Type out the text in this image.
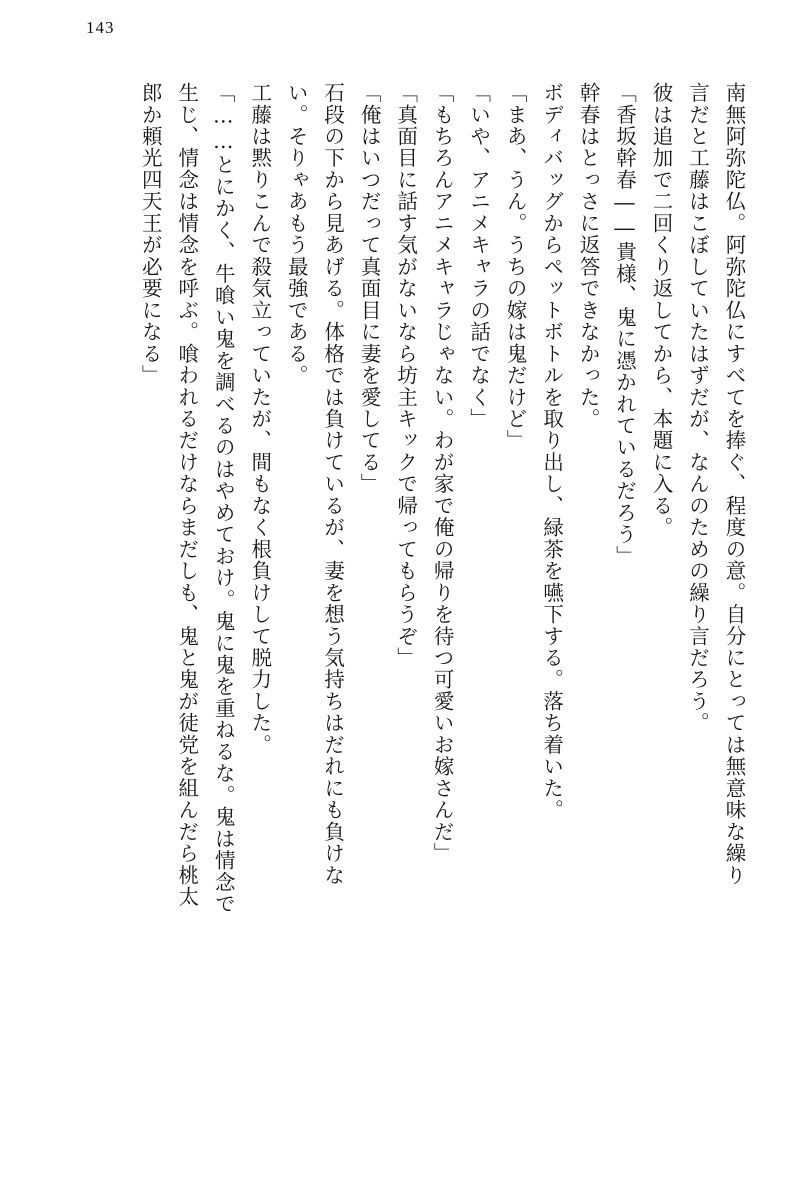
143
南無阿弥陀仏。阿弥陀仏にすべてを捧ぐ、程度の意。自分にとっては無意味な繰り
言だと工藤はこぼしていたはずだが、なんのための繰り言だろう。
彼は追加で二回くり返してから、本題に入る。
「香坂幹春――貴様、鬼に憑かれているだろう」
幹春はとっさに返答できなかった。
ボディバッグからペットボトルを取り出し、緑茶を嚥下する。落ち着いた。
「まあ、うん。うちの嫁は鬼だけど」
「いや、アニメキャラの話でなく」
「もちろんアニメキャラじゃない。わが家で俺の帰りを待つ可愛いお嫁さんだ」
「真面目に話す気がないなら坊主キックで帰ってもらうぞ」
「俺はいつだって真面目に妻を愛してる」
石段の下から見あげる。体格では負けているが、妻を想う気持ちはだれにも負けな
い。そりゃあもう最強である。
工藤は黙りこんで殺気立っていたが、間もなく根負けして脱力した。
「……とにかく、牛喰い鬼を調べるのはやめておけ。鬼に鬼を重ねるな。鬼は情念で
生じ、情念は情念を呼ぶ。喰われるだけならまだしも、鬼と鬼が徒党を組んだら桃太
郎か頼光四天王が必要になる」
